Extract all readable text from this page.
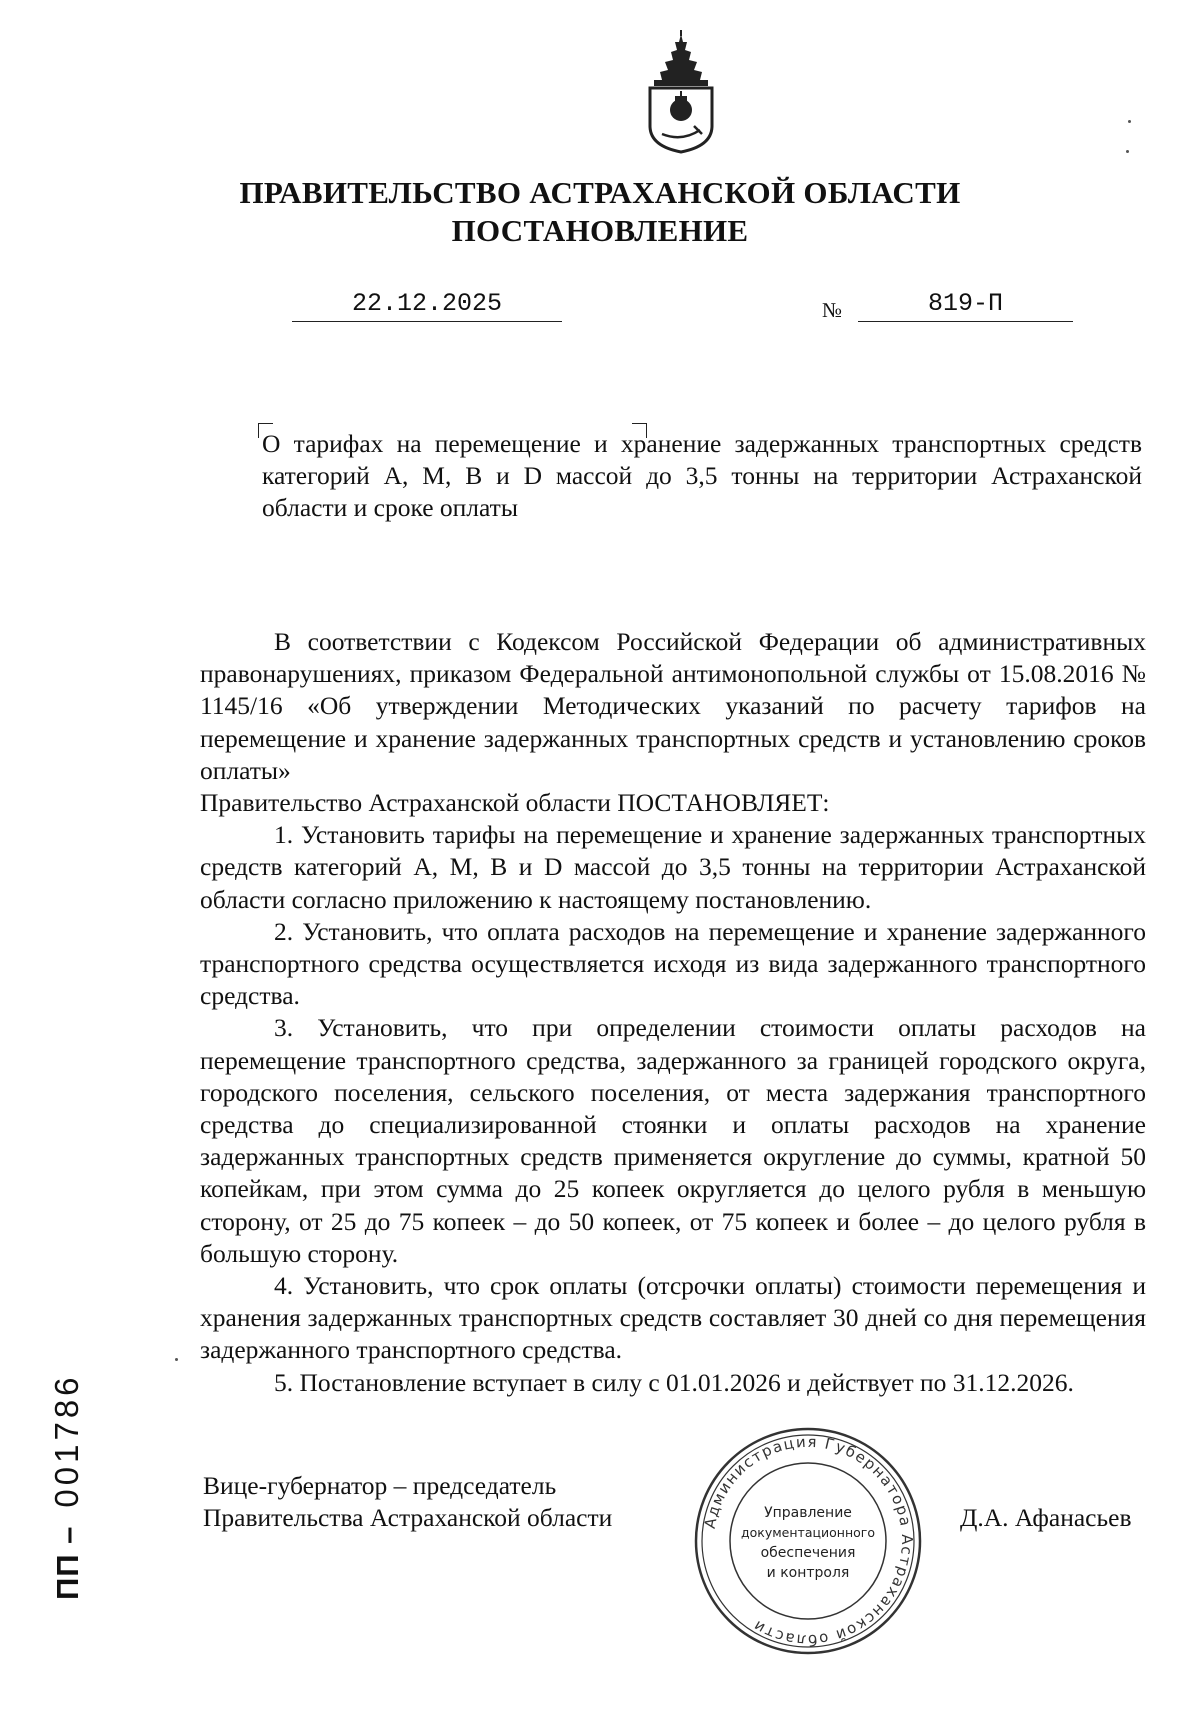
ПРАВИТЕЛЬСТВО АСТРАХАНСКОЙ ОБЛАСТИ
ПОСТАНОВЛЕНИЕ
22.12.2025	№	819-П
О тарифах на перемещение и хранение задержанных транспортных средств категорий A, M, B и D массой до 3,5 тонны на территории Астраханской области и сроке оплаты

В соответствии с Кодексом Российской Федерации об административных правонарушениях, приказом Федеральной антимонопольной службы от 15.08.2016 № 1145/16 «Об утверждении Методических указаний по расчету тарифов на перемещение и хранение задержанных транспортных средств и установлению сроков оплаты»

Правительство Астраханской области ПОСТАНОВЛЯЕТ:

1. Установить тарифы на перемещение и хранение задержанных транспортных средств категорий A, M, B и D массой до 3,5 тонны на территории Астраханской области согласно приложению к настоящему постановлению.

2. Установить, что оплата расходов на перемещение и хранение задержанного транспортного средства осуществляется исходя из вида задержанного транспортного средства.

3. Установить, что при определении стоимости оплаты расходов на перемещение транспортного средства, задержанного за границей городского округа, городского поселения, сельского поселения, от места задержания транспортного средства до специализированной стоянки и оплаты расходов на хранение задержанных транспортных средств применяется округление до суммы, кратной 50 копейкам, при этом сумма до 25 копеек округляется до целого рубля в меньшую сторону, от 25 до 75 копеек – до 50 копеек, от 75 копеек и более – до целого рубля в большую сторону.

4. Установить, что срок оплаты (отсрочки оплаты) стоимости перемещения и хранения задержанных транспортных средств составляет 30 дней со дня перемещения задержанного транспортного средства.

5. Постановление вступает в силу с 01.01.2026 и действует по 31.12.2026.

Вице-губернатор – председатель
Правительства Астраханской области	Д.А. Афанасьев
Администрация Губернатора Астраханской области
Управление
документационного
обеспечения
и контроля
ПП –001786
